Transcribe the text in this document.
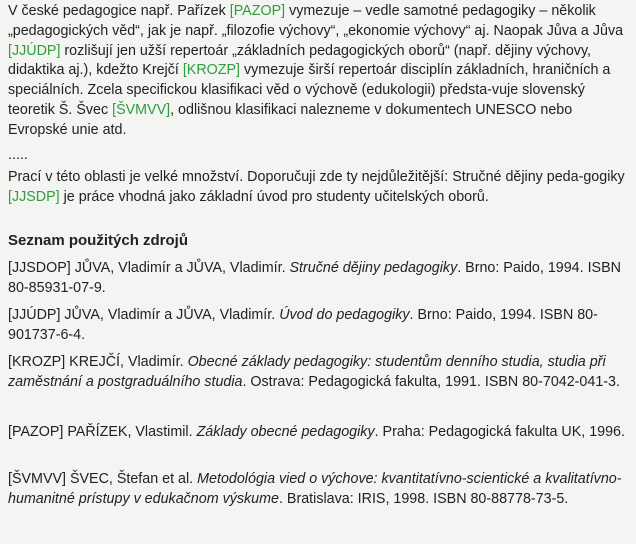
V české pedagogice např. Pařízek [PAZOP] vymezuje – vedle samotné pedagogiky – několik „pedagogických věd“, jak je např. „filozofie výchovy“, „ekonomie výchovy“ aj. Naopak Jůva a Jůva [JJÚDP] rozlišují jen užší repertoár „základních pedagogických oborů“ (např. dějiny výchovy, didaktika aj.), kdežto Krejčí [KROZP] vymezuje širší repertoár disciplín základních, hraničních a speciálních. Zcela specifickou klasifikaci věd o výchově (edukologii) předsta-vuje slovenský teoretik Š. Švec [ŠVMVV], odlišnou klasifikaci nalezneme v dokumentech UNESCO nebo Evropské unie atd.

.....

Prací v této oblasti je velké množství. Doporučuji zde ty nejdůležitější: Stručné dějiny peda-gogiky [JJSDP] je práce vhodná jako základní úvod pro studenty učitelských oborů.

Seznam použitých zdrojů

[JJSDOP] JŮVA, Vladimír a JŮVA, Vladimír. Stručné dějiny pedagogiky. Brno: Paido, 1994. ISBN 80-85931-07-9.

[JJÚDP] JŮVA, Vladimír a JŮVA, Vladimír. Úvod do pedagogiky. Brno: Paido, 1994. ISBN 80-901737-6-4.

[KROZP] KREJČÍ, Vladimír. Obecné základy pedagogiky: studentům denního studia, studia při zaměstnání a postgraduálního studia. Ostrava: Pedagogická fakulta, 1991. ISBN 80-7042-041-3.

[PAZOP] PAŘÍZEK, Vlastimil. Základy obecné pedagogiky. Praha: Pedagogická fakulta UK, 1996.

[ŠVMVV] ŠVEC, Štefan et al. Metodológia vied o výchove: kvantitatívno-scientické a kvalitatívno-humanitné prístupy v edukačnom výskume. Bratislava: IRIS, 1998. ISBN 80-88778-73-5.
